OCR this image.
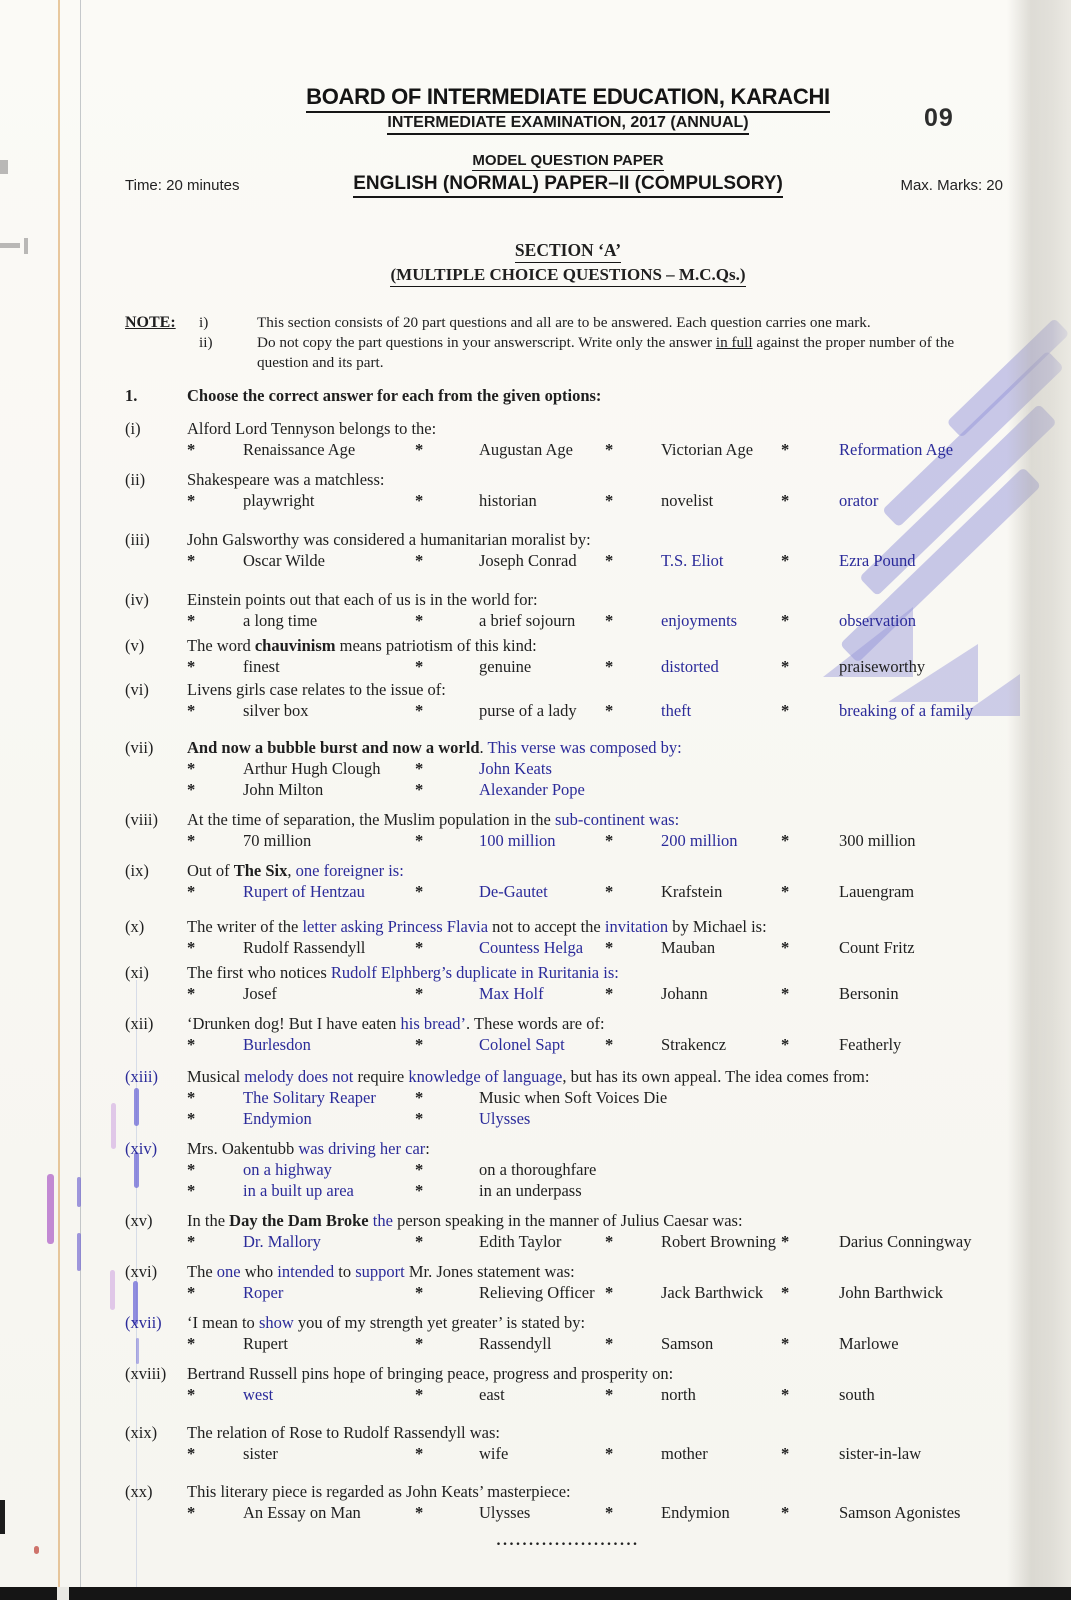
09
BOARD OF INTERMEDIATE EDUCATION, KARACHI
INTERMEDIATE EXAMINATION, 2017 (ANNUAL)
MODEL QUESTION PAPER
Time: 20 minutes	ENGLISH (NORMAL) PAPER–II (COMPULSORY)	Max. Marks: 20
SECTION ‘A’
(MULTIPLE CHOICE QUESTIONS – M.C.Qs.)
NOTE:	i)	This section consists of 20 part questions and all are to be answered. Each question carries one mark.
ii)	Do not copy the part questions in your answerscript. Write only the answer in full against the proper number of the question and its part.
1.	Choose the correct answer for each from the given options:
(i)	Alford Lord Tennyson belongs to the:
*	Renaissance Age	*	Augustan Age	*	Victorian Age	*	Reformation Age
(ii)	Shakespeare was a matchless:
*	playwright	*	historian	*	novelist	*	orator
(iii)	John Galsworthy was considered a humanitarian moralist by:
*	Oscar Wilde	*	Joseph Conrad	*	T.S. Eliot	*	Ezra Pound
(iv)	Einstein points out that each of us is in the world for:
*	a long time	*	a brief sojourn	*	enjoyments	*	observation
(v)	The word chauvinism means patriotism of this kind:
*	finest	*	genuine	*	distorted	*	praiseworthy
(vi)	Livens girls case relates to the issue of:
*	silver box	*	purse of a lady	*	theft	*	breaking of a family
(vii)	And now a bubble burst and now a world. This verse was composed by:
*	Arthur Hugh Clough	*	John Keats
*	John Milton	*	Alexander Pope
(viii)	At the time of separation, the Muslim population in the sub-continent was:
*	70 million	*	100 million	*	200 million	*	300 million
(ix)	Out of The Six, one foreigner is:
*	Rupert of Hentzau	*	De-Gautet	*	Krafstein	*	Lauengram
(x)	The writer of the letter asking Princess Flavia not to accept the invitation by Michael is:
*	Rudolf Rassendyll	*	Countess Helga	*	Mauban	*	Count Fritz
(xi)	The first who notices Rudolf Elphberg’s duplicate in Ruritania is:
*	Josef	*	Max Holf	*	Johann	*	Bersonin
(xii)	‘Drunken dog! But I have eaten his bread’. These words are of:
*	Burlesdon	*	Colonel Sapt	*	Strakencz	*	Featherly
(xiii)	Musical melody does not require knowledge of language, but has its own appeal. The idea comes from:
*	The Solitary Reaper	*	Music when Soft Voices Die
*	Endymion	*	Ulysses
(xiv)	Mrs. Oakentubb was driving her car:
*	on a highway	*	on a thoroughfare
*	in a built up area	*	in an underpass
(xv)	In the Day the Dam Broke the person speaking in the manner of Julius Caesar was:
*	Dr. Mallory	*	Edith Taylor	*	Robert Browning *	Darius Conningway
(xvi)	The one who intended to support Mr. Jones statement was:
*	Roper	*	Relieving Officer *	Jack Barthwick	*	John Barthwick
(xvii)	‘I mean to show you of my strength yet greater’ is stated by:
*	Rupert	*	Rassendyll	*	Samson	*	Marlowe
(xviii)	Bertrand Russell pins hope of bringing peace, progress and prosperity on:
*	west	*	east	*	north	*	south
(xix)	The relation of Rose to Rudolf Rassendyll was:
*	sister	*	wife	*	mother	*	sister-in-law
(xx)	This literary piece is regarded as John Keats’ masterpiece:
*	An Essay on Man	*	Ulysses	*	Endymion	*	Samson Agonistes
......................
